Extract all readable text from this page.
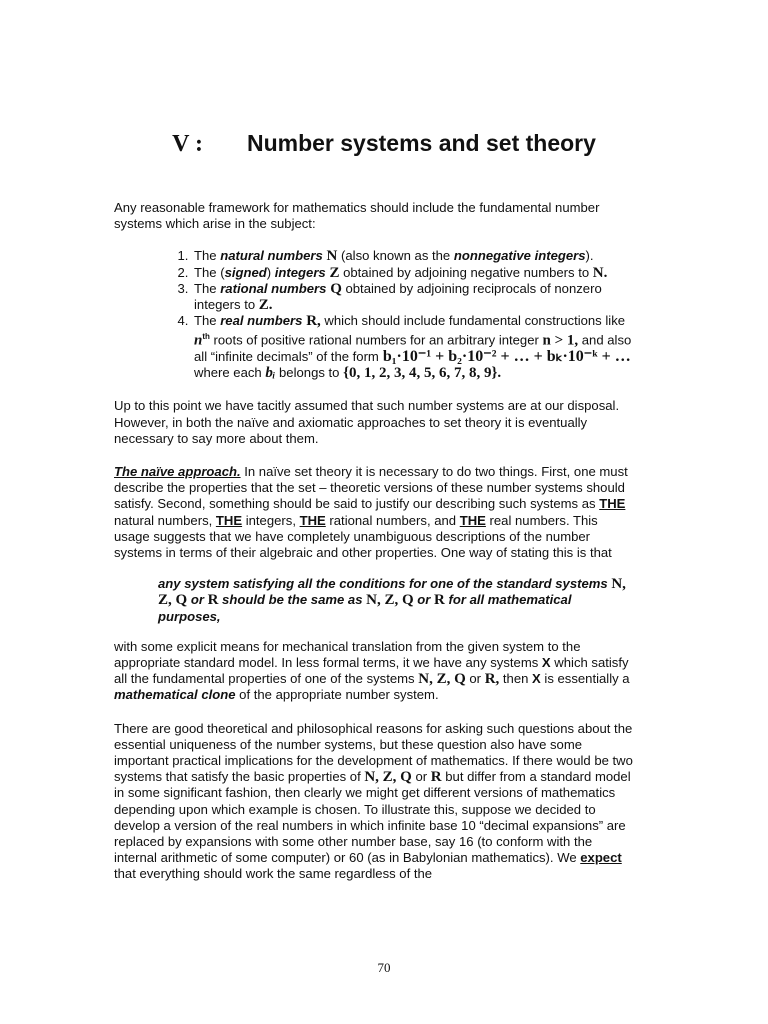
V : Number systems and set theory

Any reasonable framework for mathematics should include the fundamental number systems which arise in the subject:

1. The natural numbers N (also known as the nonnegative integers).
2. The (signed) integers Z obtained by adjoining negative numbers to N.
3. The rational numbers Q obtained by adjoining reciprocals of nonzero integers to Z.
4. The real numbers R, which should include fundamental constructions like $n^{th}$ roots of positive rational numbers for an arbitrary integer n > 1, and also all “infinite decimals” of the form b₁·10⁻¹ + b₂·10⁻² + … + bₖ·10⁻ᵏ + …
where each bᵢ belongs to {0, 1, 2, 3, 4, 5, 6, 7, 8, 9}.

Up to this point we have tacitly assumed that such number systems are at our disposal. However, in both the naïve and axiomatic approaches to set theory it is eventually necessary to say more about them.

The naïve approach. In naïve set theory it is necessary to do two things. First, one must describe the properties that the set – theoretic versions of these number systems should satisfy. Second, something should be said to justify our describing such systems as THE natural numbers, THE integers, THE rational numbers, and THE real numbers. This usage suggests that we have completely unambiguous descriptions of the number systems in terms of their algebraic and other properties. One way of stating this is that

any system satisfying all the conditions for one of the standard systems N, Z, Q or R should be the same as N, Z, Q or R for all mathematical purposes,

with some explicit means for mechanical translation from the given system to the appropriate standard model. In less formal terms, it we have any systems X which satisfy all the fundamental properties of one of the systems N, Z, Q or R, then X is essentially a mathematical clone of the appropriate number system.

There are good theoretical and philosophical reasons for asking such questions about the essential uniqueness of the number systems, but these question also have some important practical implications for the development of mathematics. If there would be two systems that satisfy the basic properties of N, Z, Q or R but differ from a standard model in some significant fashion, then clearly we might get different versions of mathematics depending upon which example is chosen. To illustrate this, suppose we decided to develop a version of the real numbers in which infinite base 10 “decimal expansions” are replaced by expansions with some other number base, say 16 (to conform with the internal arithmetic of some computer) or 60 (as in Babylonian mathematics). We expect that everything should work the same regardless of the

70
